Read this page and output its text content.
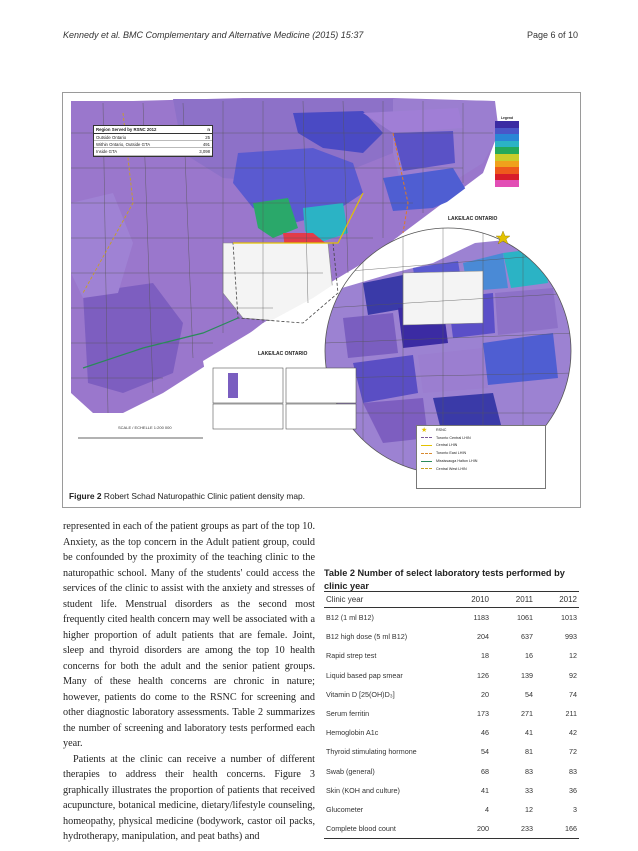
Kennedy et al. BMC Complementary and Alternative Medicine (2015) 15:37	Page 6 of 10
SCALE / ECHELLE 1:200 000
LAKE/LAC ONTARIO
LAKE/LAC ONTARIO
Region Served by RSNC 2012	n
Outside Ontario	25
Within Ontario, Outside GTA	491
Inside GTA	3,098
Legend
★	RSNC
Toronto Central LHIN
Central LHIN
Toronto East LHIN
Mississauga Halton LHIN
Central West LHIN
Figure 2 Robert Schad Naturopathic Clinic patient density map.

represented in each of the patient groups as part of the top 10. Anxiety, as the top concern in the Adult patient group, could be confounded by the proximity of the teaching clinic to the naturopathic school. Many of the students' could access the services of the clinic to assist with the anxiety and stresses of student life. Menstrual disorders as the second most frequently cited health concern may well be associated with a higher proportion of adult patients that are female. Joint, sleep and thyroid disorders are among the top 10 health concerns for both the adult and the senior patient groups. Many of these health concerns are chronic in nature; however, patients do come to the RSNC for screening and other diagnostic laboratory assessments. Table 2 summarizes the number of screening and laboratory tests performed each year.

Patients at the clinic can receive a number of different therapies to address their health concerns. Figure 3 graphically illustrates the proportion of patients that received acupuncture, botanical medicine, dietary/lifestyle counseling, homeopathy, physical medicine (bodywork, castor oil packs, hydrotherapy, manipulation, and peat baths) and

Table 2 Number of select laboratory tests performed by clinic year
Clinic year	2010	2011	2012
B12 (1 ml B12)	1183	1061	1013
B12 high dose (5 ml B12)	204	637	993
Rapid strep test	18	16	12
Liquid based pap smear	126	139	92
Vitamin D [25(OH)D₃]	20	54	74
Serum ferritin	173	271	211
Hemoglobin A1c	46	41	42
Thyroid stimulating hormone	54	81	72
Swab (general)	68	83	83
Skin (KOH and culture)	41	33	36
Glucometer	4	12	3
Complete blood count	200	233	166
